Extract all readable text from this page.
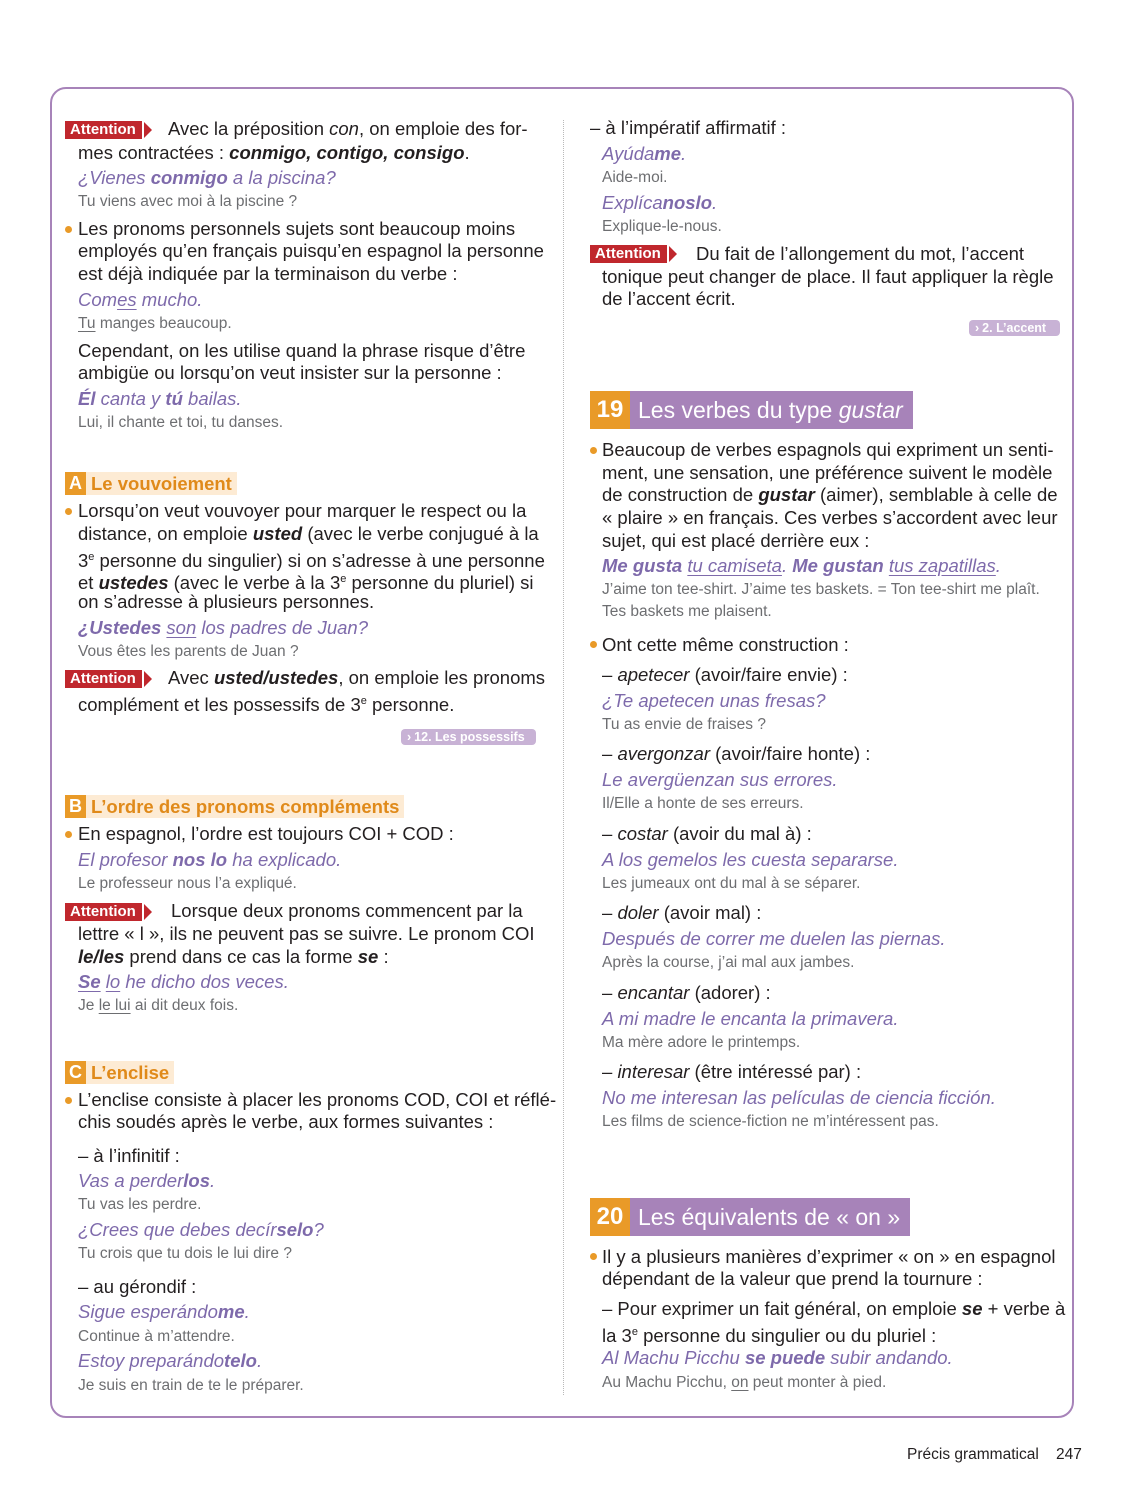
Attention	Avec la préposition con, on emploie des for-
mes contractées : conmigo, contigo, consigo.
¿Vienes conmigo a la piscina?
Tu viens avec moi à la piscine ?
Les pronoms personnels sujets sont beaucoup moins
employés qu’en français puisqu’en espagnol la personne
est déjà indiquée par la terminaison du verbe :
Comes mucho.
Tu manges beaucoup.
Cependant, on les utilise quand la phrase risque d’être
ambigüe ou lorsqu’on veut insister sur la personne :
Él canta y tú bailas.
Lui, il chante et toi, tu danses.
A Le vouvoiement
Lorsqu’on veut vouvoyer pour marquer le respect ou la
distance, on emploie usted (avec le verbe conjugué à la
3e personne du singulier) si on s’adresse à une personne
et ustedes (avec le verbe à la 3e personne du pluriel) si
on s’adresse à plusieurs personnes.
¿Ustedes son los padres de Juan?
Vous êtes les parents de Juan ?
Attention	Avec usted/ustedes, on emploie les pronoms
complément et les possessifs de 3e personne.
› 12. Les possessifs
B L’ordre des pronoms compléments
En espagnol, l’ordre est toujours COI + COD :
El profesor nos lo ha explicado.
Le professeur nous l’a expliqué.
Attention	Lorsque deux pronoms commencent par la
lettre « l », ils ne peuvent pas se suivre. Le pronom COI
le/les prend dans ce cas la forme se :
Se lo he dicho dos veces.
Je le lui ai dit deux fois.
C L’enclise
L’enclise consiste à placer les pronoms COD, COI et réflé-
chis soudés après le verbe, aux formes suivantes :
– à l’infinitif :
Vas a perderlos.
Tu vas les perdre.
¿Crees que debes decírselo?
Tu crois que tu dois le lui dire ?
– au gérondif :
Sigue esperándome.
Continue à m’attendre.
Estoy preparándotelo.
Je suis en train de te le préparer.
– à l’impératif affirmatif :
Ayúdame.
Aide-moi.
Explícanoslo.
Explique-le-nous.
Attention	Du fait de l’allongement du mot, l’accent
tonique peut changer de place. Il faut appliquer la règle
de l’accent écrit.
› 2. L’accent
19 Les verbes du type gustar
Beaucoup de verbes espagnols qui expriment un senti-
ment, une sensation, une préférence suivent le modèle
de construction de gustar (aimer), semblable à celle de
« plaire » en français. Ces verbes s’accordent avec leur
sujet, qui est placé derrière eux :
Me gusta tu camiseta. Me gustan tus zapatillas.
J’aime ton tee-shirt. J’aime tes baskets. = Ton tee-shirt me plaît.
Tes baskets me plaisent.
Ont cette même construction :
– apetecer (avoir/faire envie) :
¿Te apetecen unas fresas?
Tu as envie de fraises ?
– avergonzar (avoir/faire honte) :
Le avergüenzan sus errores.
Il/Elle a honte de ses erreurs.
– costar (avoir du mal à) :
A los gemelos les cuesta separarse.
Les jumeaux ont du mal à se séparer.
– doler (avoir mal) :
Después de correr me duelen las piernas.
Après la course, j’ai mal aux jambes.
– encantar (adorer) :
A mi madre le encanta la primavera.
Ma mère adore le printemps.
– interesar (être intéressé par) :
No me interesan las películas de ciencia ficción.
Les films de science-fiction ne m’intéressent pas.
20 Les équivalents de « on »
Il y a plusieurs manières d’exprimer « on » en espagnol
dépendant de la valeur que prend la tournure :
– Pour exprimer un fait général, on emploie se + verbe à
la 3e personne du singulier ou du pluriel :
Al Machu Picchu se puede subir andando.
Au Machu Picchu, on peut monter à pied.
Précis grammatical 247
